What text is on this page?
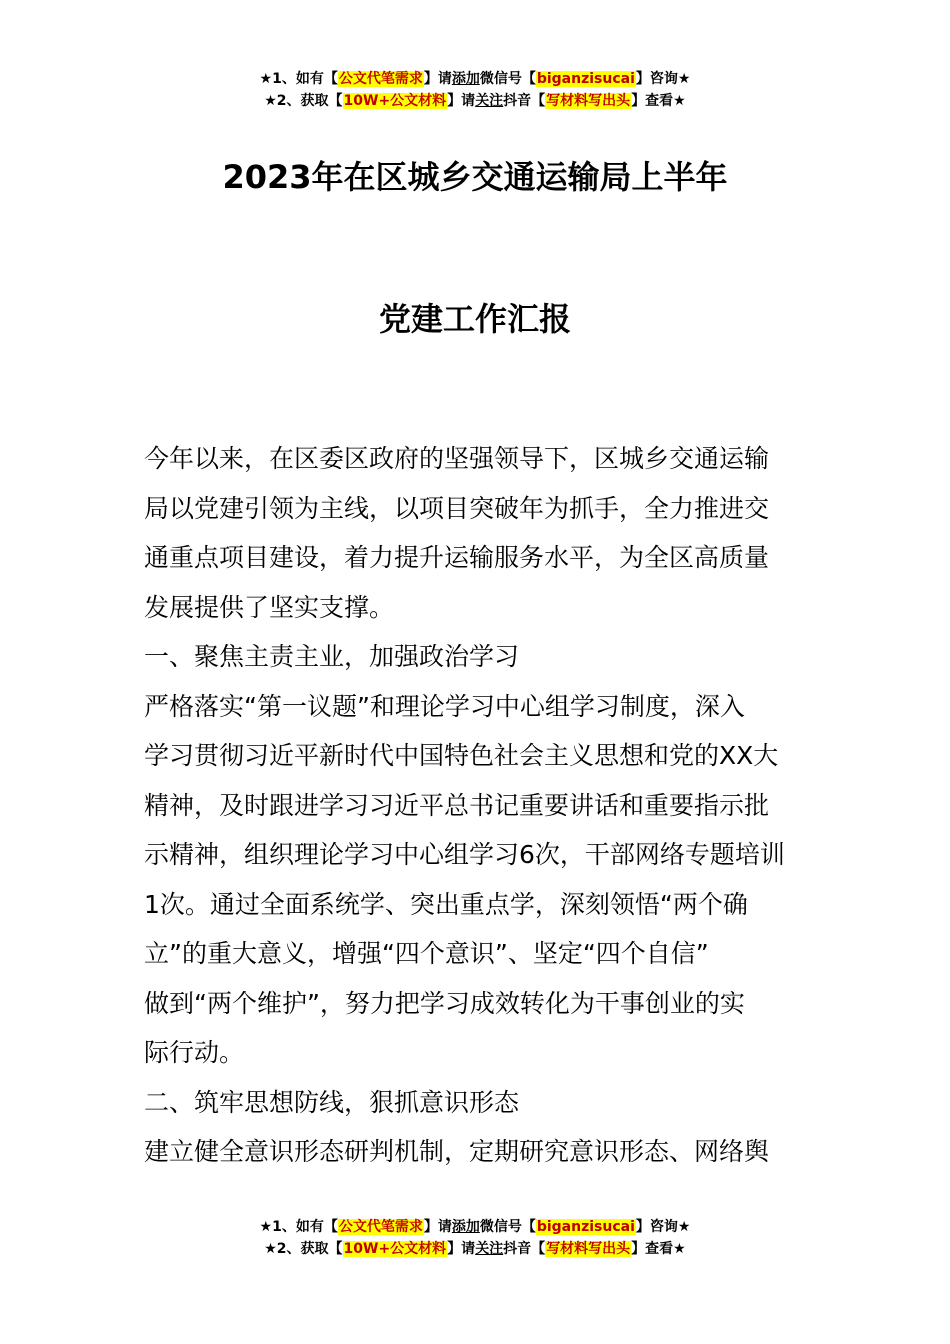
★1、如有【公文代笔需求】请添加微信号【biganzisucai】咨询★
★2、获取【10W+公文材料】请关注抖音【写材料写出头】查看★
2023年在区城乡交通运输局上半年
党建工作汇报

今年以来，在区委区政府的坚强领导下，区城乡交通运输

局以党建引领为主线，以项目突破年为抓手，全力推进交

通重点项目建设，着力提升运输服务水平，为全区高质量

发展提供了坚实支撑。

一、聚焦主责主业，加强政治学习

严格落实“第一议题”和理论学习中心组学习制度，深入

学习贯彻习近平新时代中国特色社会主义思想和党的XX大

精神，及时跟进学习习近平总书记重要讲话和重要指示批

示精神，组织理论学习中心组学习6次，干部网络专题培训

1次。通过全面系统学、突出重点学，深刻领悟“两个确

立”的重大意义，增强“四个意识”、坚定“四个自信”

做到“两个维护”，努力把学习成效转化为干事创业的实

际行动。

二、筑牢思想防线，狠抓意识形态

建立健全意识形态研判机制，定期研究意识形态、网络舆

★1、如有【公文代笔需求】请添加微信号【biganzisucai】咨询★
★2、获取【10W+公文材料】请关注抖音【写材料写出头】查看★
